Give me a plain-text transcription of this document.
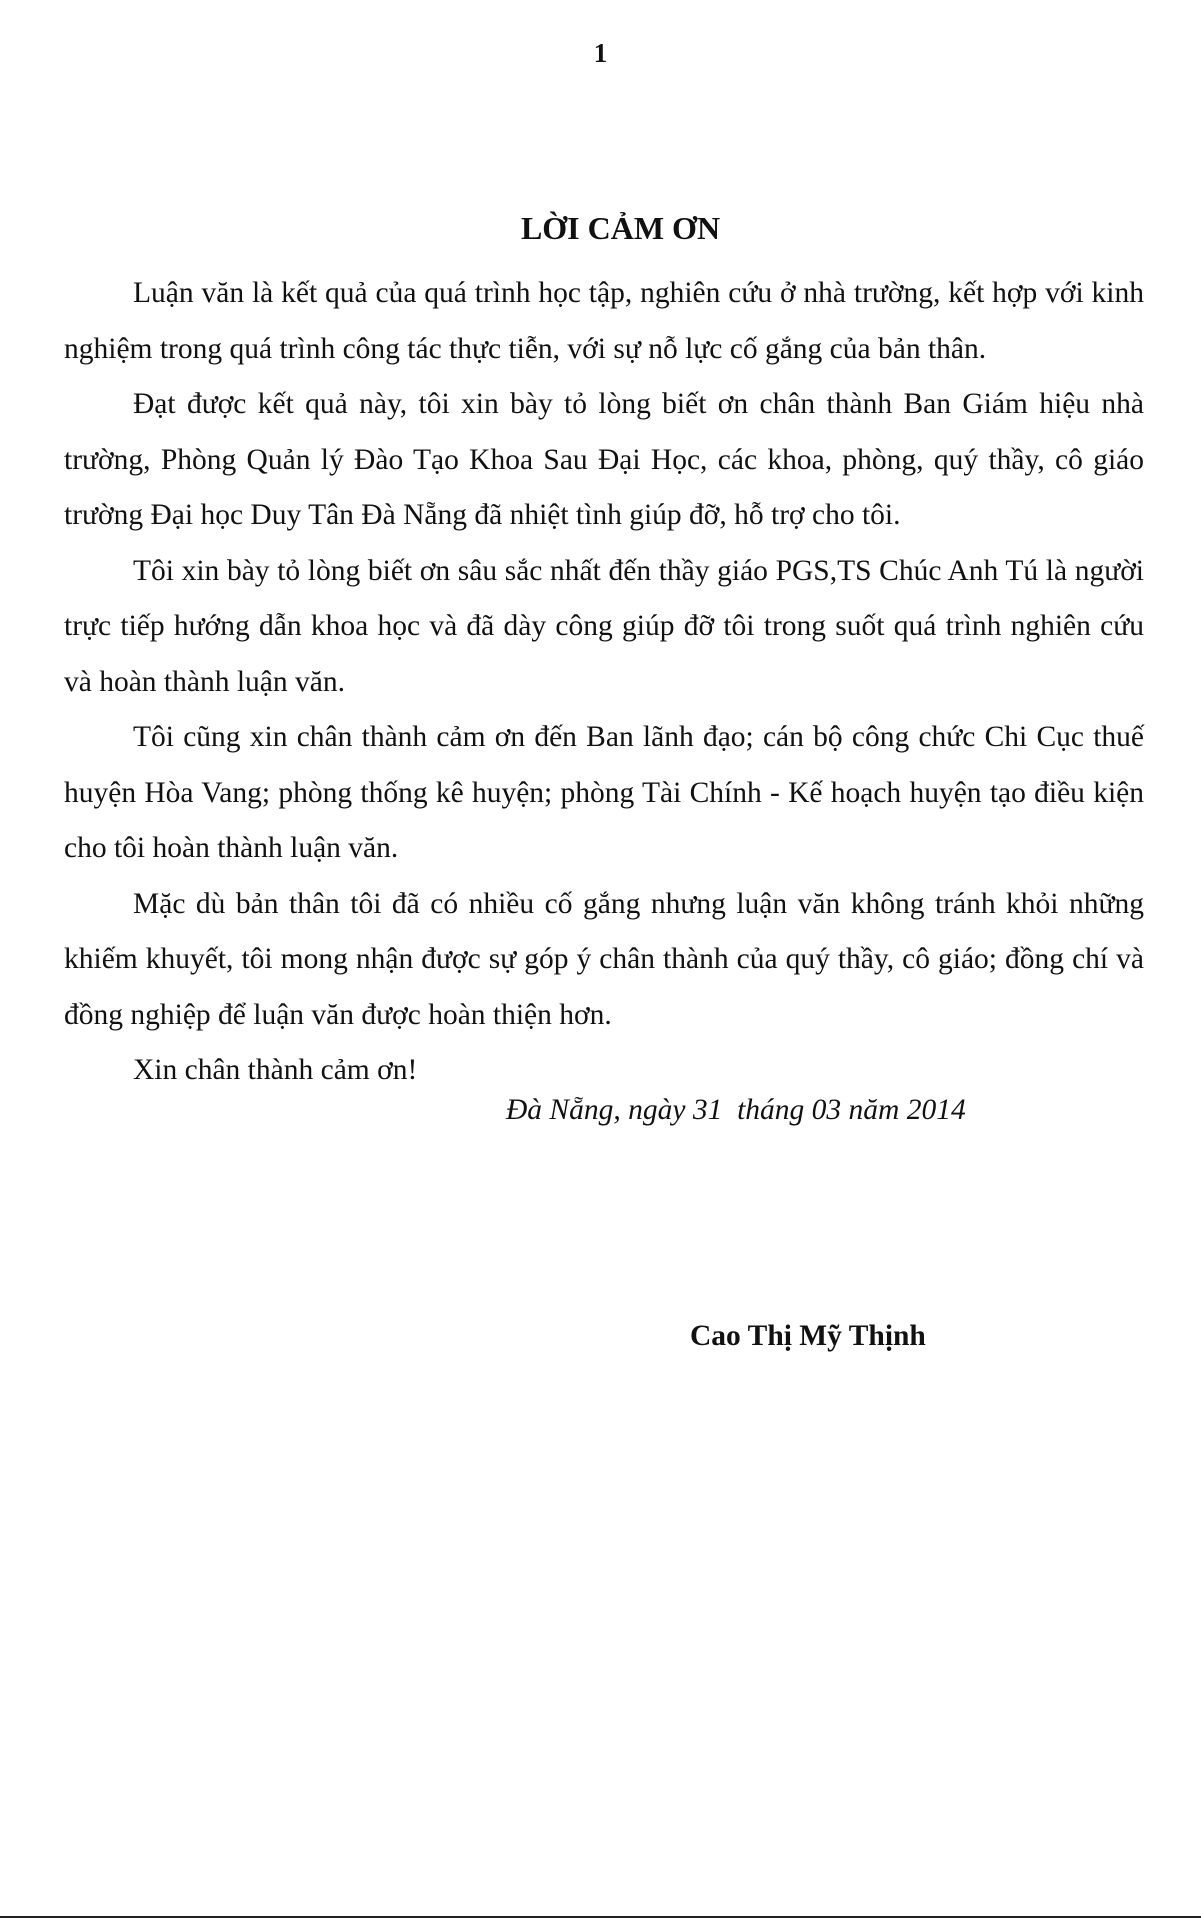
1
LỜI CẢM ƠN

Luận văn là kết quả của quá trình học tập, nghiên cứu ở nhà trường, kết hợp với kinh nghiệm trong quá trình công tác thực tiễn, với sự nỗ lực cố gắng của bản thân.

Đạt được kết quả này, tôi xin bày tỏ lòng biết ơn chân thành Ban Giám hiệu nhà trường, Phòng Quản lý Đào Tạo Khoa Sau Đại Học, các khoa, phòng, quý thầy, cô giáo trường Đại học Duy Tân Đà Nẵng đã nhiệt tình giúp đỡ, hỗ trợ cho tôi.

Tôi xin bày tỏ lòng biết ơn sâu sắc nhất đến thầy giáo PGS,TS Chúc Anh Tú là người trực tiếp hướng dẫn khoa học và đã dày công giúp đỡ tôi trong suốt quá trình nghiên cứu và hoàn thành luận văn.

Tôi cũng xin chân thành cảm ơn đến Ban lãnh đạo; cán bộ công chức Chi Cục thuế huyện Hòa Vang; phòng thống kê huyện; phòng Tài Chính - Kế hoạch huyện tạo điều kiện cho tôi hoàn thành luận văn.

Mặc dù bản thân tôi đã có nhiều cố gắng nhưng luận văn không tránh khỏi những khiếm khuyết, tôi mong nhận được sự góp ý chân thành của quý thầy, cô giáo; đồng chí và đồng nghiệp để luận văn được hoàn thiện hơn.

Xin chân thành cảm ơn!

Đà Nẵng, ngày 31  tháng 03 năm 2014
Cao Thị Mỹ Thịnh
